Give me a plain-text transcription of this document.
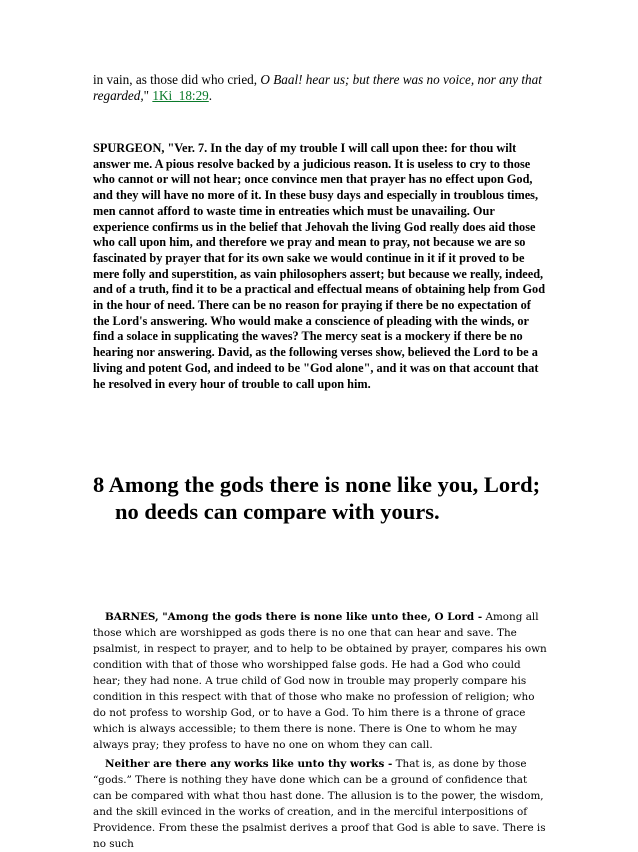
in vain, as those did who cried, O Baal! hear us; but there was no voice, nor any that regarded," 1Ki_18:29.

SPURGEON, "Ver. 7. In the day of my trouble I will call upon thee: for thou wilt answer me. A pious resolve backed by a judicious reason. It is useless to cry to those who cannot or will not hear; once convince men that prayer has no effect upon God, and they will have no more of it. In these busy days and especially in troublous times, men cannot afford to waste time in entreaties which must be unavailing. Our experience confirms us in the belief that Jehovah the living God really does aid those who call upon him, and therefore we pray and mean to pray, not because we are so fascinated by prayer that for its own sake we would continue in it if it proved to be mere folly and superstition, as vain philosophers assert; but because we really, indeed, and of a truth, find it to be a practical and effectual means of obtaining help from God in the hour of need. There can be no reason for praying if there be no expectation of the Lord's answering. Who would make a conscience of pleading with the winds, or find a solace in supplicating the waves? The mercy seat is a mockery if there be no hearing nor answering. David, as the following verses show, believed the Lord to be a living and potent God, and indeed to be "God alone", and it was on that account that he resolved in every hour of trouble to call upon him.

8 Among the gods there is none like you, Lord;
no deeds can compare with yours.

BARNES, "Among the gods there is none like unto thee, O Lord - Among all those which are worshipped as gods there is no one that can hear and save. The psalmist, in respect to prayer, and to help to be obtained by prayer, compares his own condition with that of those who worshipped false gods. He had a God who could hear; they had none. A true child of God now in trouble may properly compare his condition in this respect with that of those who make no profession of religion; who do not profess to worship God, or to have a God. To him there is a throne of grace which is always accessible; to them there is none. There is One to whom he may always pray; they profess to have no one on whom they can call.

Neither are there any works like unto thy works - That is, as done by those “gods.” There is nothing they have done which can be a ground of confidence that can be compared with what thou hast done. The allusion is to the power, the wisdom, and the skill evinced in the works of creation, and in the merciful interpositions of Providence. From these the psalmist derives a proof that God is able to save. There is no such
